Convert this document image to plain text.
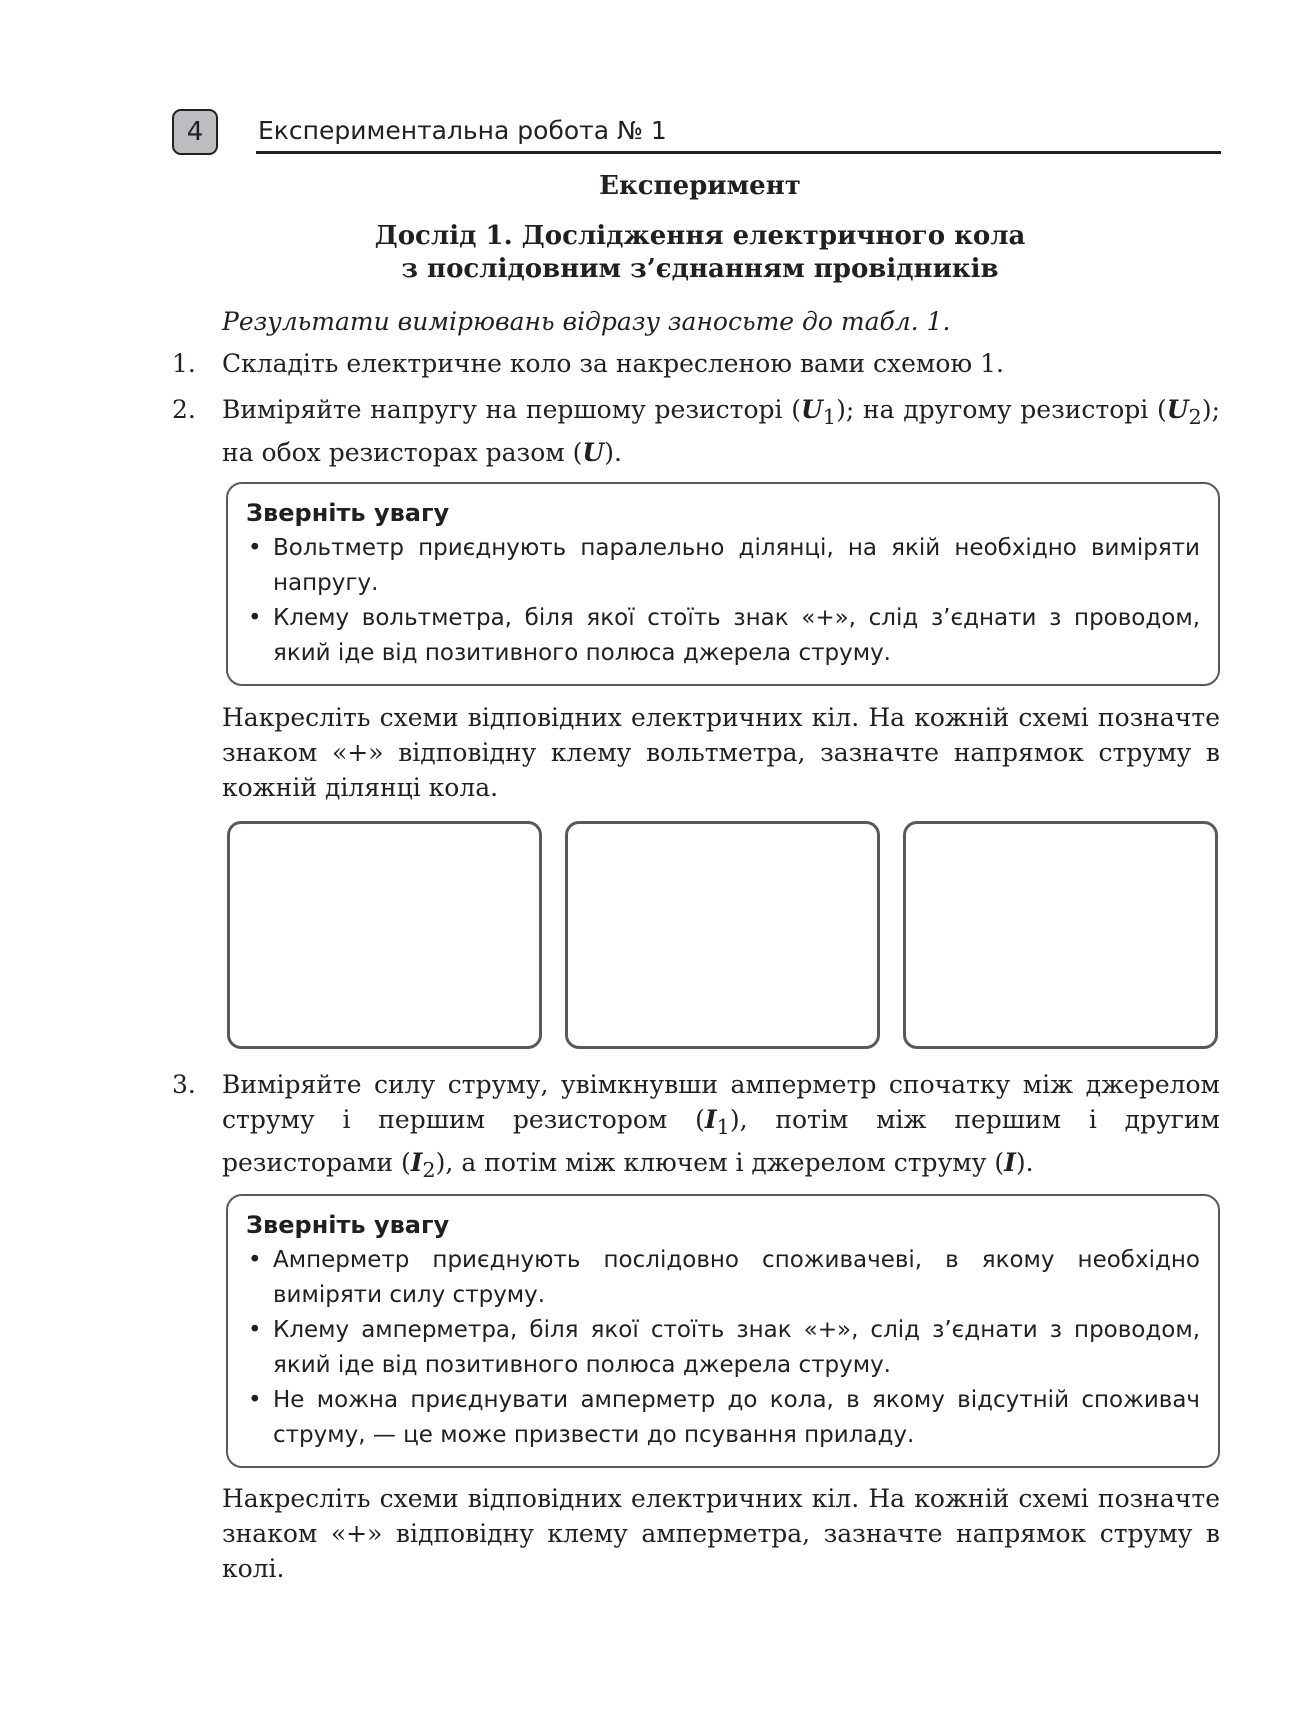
4	Експериментальна робота № 1
Експеримент
Дослід 1. Дослідження електричного кола
з послідовним з’єднанням провідників
Результати вимірювань відразу заносьте до табл. 1.
1.	Складіть електричне коло за накресленою вами схемою 1.
2.	Виміряйте напругу на першому резисторі $(U_1)$; на другому резисторі $(U_2)$; на обох резисторах разом (U).
Зверніть увагу
• Вольтметр приєднують паралельно ділянці, на якій необхідно виміряти напругу.
• Клему вольтметра, біля якої стоїть знак «+», слід з’єднати з проводом, який іде від позитивного полюса джерела струму.
Накресліть схеми відповідних електричних кіл. На кожній схемі позначте знаком «+» відповідну клему вольтметра, зазначте напрямок струму в кожній ділянці кола.
3.	Виміряйте силу струму, увімкнувши амперметр спочатку між джерелом струму і першим резистором $(I_1)$, потім між першим і другим резисторами $(I_2)$, а потім між ключем і джерелом струму (I).
Зверніть увагу
• Амперметр приєднують послідовно споживачеві, в якому необхідно виміряти силу струму.
• Клему амперметра, біля якої стоїть знак «+», слід з’єднати з проводом, який іде від позитивного полюса джерела струму.
• Не можна приєднувати амперметр до кола, в якому відсутній споживач струму, — це може призвести до псування приладу.
Накресліть схеми відповідних електричних кіл. На кожній схемі позначте знаком «+» відповідну клему амперметра, зазначте напрямок струму в колі.
